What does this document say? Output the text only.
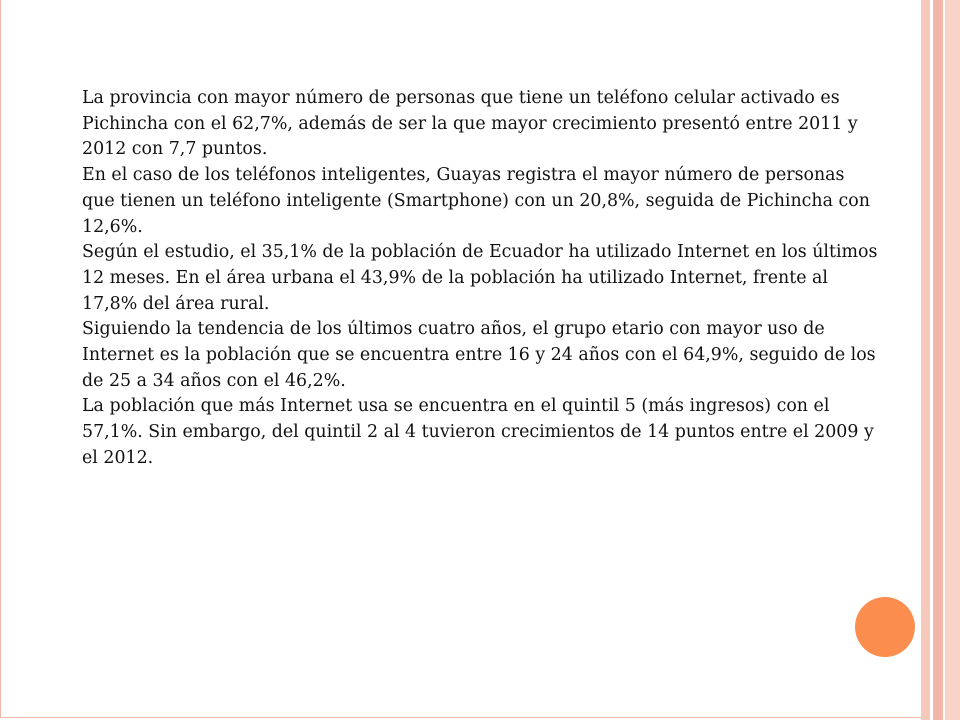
La provincia con mayor número de personas que tiene un teléfono celular activado es Pichincha con el 62,7%, además de ser la que mayor crecimiento presentó entre 2011 y 2012 con 7,7 puntos.

En el caso de los teléfonos inteligentes, Guayas registra el mayor número de personas que tienen un teléfono inteligente (Smartphone) con un 20,8%, seguida de Pichincha con 12,6%.

Según el estudio, el 35,1% de la población de Ecuador ha utilizado Internet en los últimos 12 meses. En el área urbana el 43,9% de la población ha utilizado Internet, frente al 17,8% del área rural.

Siguiendo la tendencia de los últimos cuatro años, el grupo etario con mayor uso de Internet es la población que se encuentra entre 16 y 24 años con el 64,9%, seguido de los de 25 a 34 años con el 46,2%.

La población que más Internet usa se encuentra en el quintil 5 (más ingresos) con el 57,1%. Sin embargo, del quintil 2 al 4 tuvieron crecimientos de 14 puntos entre el 2009 y el 2012.
